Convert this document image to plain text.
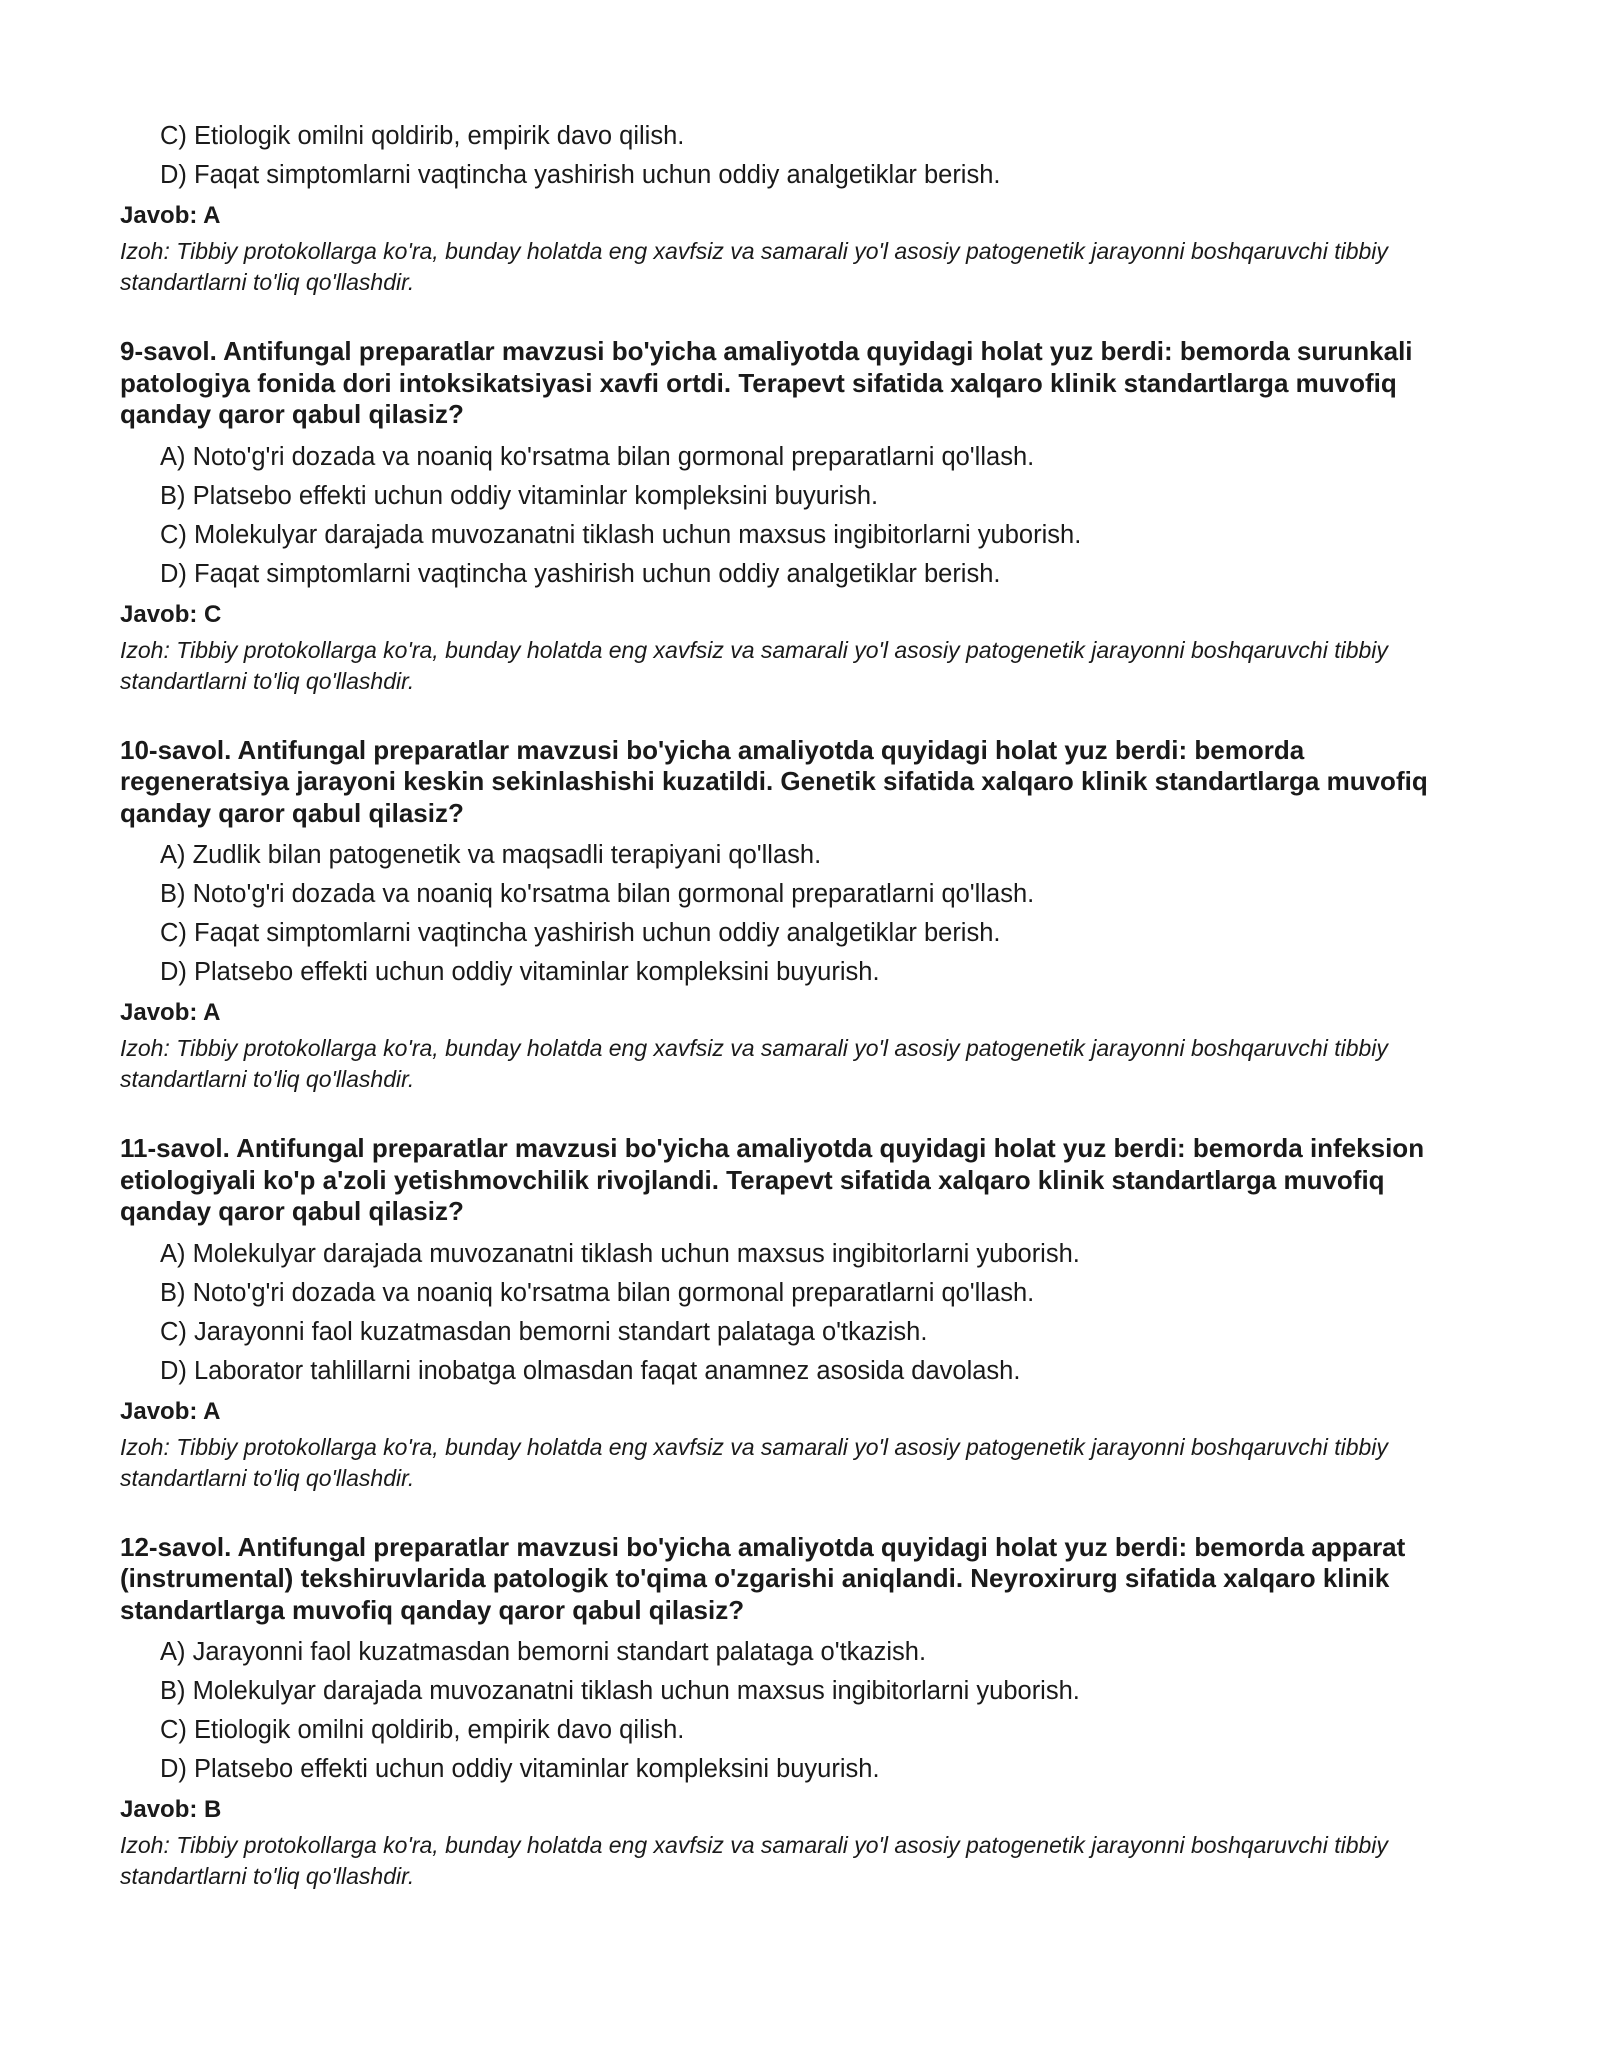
C) Etiologik omilni qoldirib, empirik davo qilish.
D) Faqat simptomlarni vaqtincha yashirish uchun oddiy analgetiklar berish.
Javob: A
Izoh: Tibbiy protokollarga ko'ra, bunday holatda eng xavfsiz va samarali yo'l asosiy patogenetik jarayonni boshqaruvchi tibbiy standartlarni to'liq qo'llashdir.
9-savol. Antifungal preparatlar mavzusi bo'yicha amaliyotda quyidagi holat yuz berdi: bemorda surunkali patologiya fonida dori intoksikatsiyasi xavfi ortdi. Terapevt sifatida xalqaro klinik standartlarga muvofiq qanday qaror qabul qilasiz?
A) Noto'g'ri dozada va noaniq ko'rsatma bilan gormonal preparatlarni qo'llash.
B) Platsebo effekti uchun oddiy vitaminlar kompleksini buyurish.
C) Molekulyar darajada muvozanatni tiklash uchun maxsus ingibitorlarni yuborish.
D) Faqat simptomlarni vaqtincha yashirish uchun oddiy analgetiklar berish.
Javob: C
Izoh: Tibbiy protokollarga ko'ra, bunday holatda eng xavfsiz va samarali yo'l asosiy patogenetik jarayonni boshqaruvchi tibbiy standartlarni to'liq qo'llashdir.
10-savol. Antifungal preparatlar mavzusi bo'yicha amaliyotda quyidagi holat yuz berdi: bemorda regeneratsiya jarayoni keskin sekinlashishi kuzatildi. Genetik sifatida xalqaro klinik standartlarga muvofiq qanday qaror qabul qilasiz?
A) Zudlik bilan patogenetik va maqsadli terapiyani qo'llash.
B) Noto'g'ri dozada va noaniq ko'rsatma bilan gormonal preparatlarni qo'llash.
C) Faqat simptomlarni vaqtincha yashirish uchun oddiy analgetiklar berish.
D) Platsebo effekti uchun oddiy vitaminlar kompleksini buyurish.
Javob: A
Izoh: Tibbiy protokollarga ko'ra, bunday holatda eng xavfsiz va samarali yo'l asosiy patogenetik jarayonni boshqaruvchi tibbiy standartlarni to'liq qo'llashdir.
11-savol. Antifungal preparatlar mavzusi bo'yicha amaliyotda quyidagi holat yuz berdi: bemorda infeksion etiologiyali ko'p a'zoli yetishmovchilik rivojlandi. Terapevt sifatida xalqaro klinik standartlarga muvofiq qanday qaror qabul qilasiz?
A) Molekulyar darajada muvozanatni tiklash uchun maxsus ingibitorlarni yuborish.
B) Noto'g'ri dozada va noaniq ko'rsatma bilan gormonal preparatlarni qo'llash.
C) Jarayonni faol kuzatmasdan bemorni standart palataga o'tkazish.
D) Laborator tahlillarni inobatga olmasdan faqat anamnez asosida davolash.
Javob: A
Izoh: Tibbiy protokollarga ko'ra, bunday holatda eng xavfsiz va samarali yo'l asosiy patogenetik jarayonni boshqaruvchi tibbiy standartlarni to'liq qo'llashdir.
12-savol. Antifungal preparatlar mavzusi bo'yicha amaliyotda quyidagi holat yuz berdi: bemorda apparat (instrumental) tekshiruvlarida patologik to'qima o'zgarishi aniqlandi. Neyroxirurg sifatida xalqaro klinik standartlarga muvofiq qanday qaror qabul qilasiz?
A) Jarayonni faol kuzatmasdan bemorni standart palataga o'tkazish.
B) Molekulyar darajada muvozanatni tiklash uchun maxsus ingibitorlarni yuborish.
C) Etiologik omilni qoldirib, empirik davo qilish.
D) Platsebo effekti uchun oddiy vitaminlar kompleksini buyurish.
Javob: B
Izoh: Tibbiy protokollarga ko'ra, bunday holatda eng xavfsiz va samarali yo'l asosiy patogenetik jarayonni boshqaruvchi tibbiy standartlarni to'liq qo'llashdir.
